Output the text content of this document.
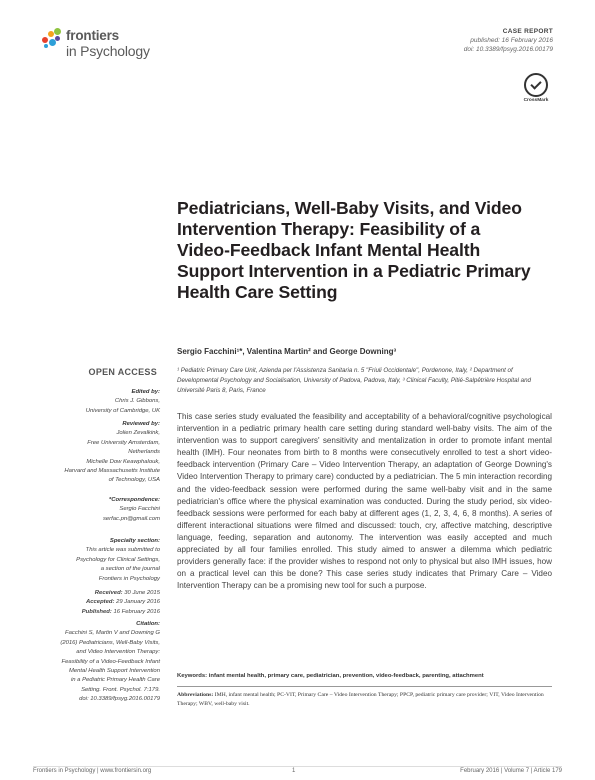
frontiers
in Psychology
CASE REPORT
published: 16 February 2016
doi: 10.3389/fpsyg.2016.00179
CrossMark
Pediatricians, Well-Baby Visits, and Video Intervention Therapy: Feasibility of a Video-Feedback Infant Mental Health Support Intervention in a Pediatric Primary Health Care Setting
Sergio Facchini¹*, Valentina Martin² and George Downing³
¹ Pediatric Primary Care Unit, Azienda per l'Assistenza Sanitaria n. 5 "Friuli Occidentale", Pordenone, Italy, ² Department of Developmental Psychology and Socialisation, University of Padova, Padova, Italy, ³ Clinical Faculty, Pitié-Salpêtrière Hospital and Université Paris 8, Paris, France
OPEN ACCESS
Edited by:
Chris J. Gibbons,
University of Cambridge, UK
Reviewed by:
Jolien Zevalkink,
Free University Amsterdam,
Netherlands
Michelle Dow Keawphalouk,
Harvard and Massachusetts Institute
of Technology, USA
*Correspondence:
Sergio Facchini
serfac.pn@gmail.com
Specialty section:
This article was submitted to
Psychology for Clinical Settings,
a section of the journal
Frontiers in Psychology
Received: 30 June 2015
Accepted: 29 January 2016
Published: 16 February 2016
Citation:
Facchini S, Martin V and Downing G
(2016) Pediatricians, Well-Baby Visits,
and Video Intervention Therapy:
Feasibility of a Video-Feedback Infant
Mental Health Support Intervention
in a Pediatric Primary Health Care
Setting. Front. Psychol. 7:179.
doi: 10.3389/fpsyg.2016.00179
This case series study evaluated the feasibility and acceptability of a behavioral/cognitive psychological intervention in a pediatric primary health care setting during standard well-baby visits. The aim of the intervention was to support caregivers' sensitivity and mentalization in order to promote infant mental health (IMH). Four neonates from birth to 8 months were consecutively enrolled to test a short video-feedback intervention (Primary Care – Video Intervention Therapy, an adaptation of George Downing's Video Intervention Therapy to primary care) conducted by a pediatrician. The 5 min interaction recording and the video-feedback session were performed during the same well-baby visit and in the same pediatrician's office where the physical examination was conducted. During the study period, six video-feedback sessions were performed for each baby at different ages (1, 2, 3, 4, 6, 8 months). A series of different interactional situations were filmed and discussed: touch, cry, affective matching, descriptive language, feeding, separation and autonomy. The intervention was easily accepted and much appreciated by all four families enrolled. This study aimed to answer a dilemma which pediatric providers generally face: if the provider wishes to respond not only to physical but also IMH issues, how on a practical level can this be done? This case series study indicates that Primary Care – Video Intervention Therapy can be a promising new tool for such a purpose.
Keywords: infant mental health, primary care, pediatrician, prevention, video-feedback, parenting, attachment
Abbreviations: IMH, infant mental health; PC-VIT, Primary Care – Video Intervention Therapy; PPCP, pediatric primary care provider; VIT, Video Intervention Therapy; WBV, well-baby visit.
Frontiers in Psychology | www.frontiersin.org	1	February 2016 | Volume 7 | Article 179
